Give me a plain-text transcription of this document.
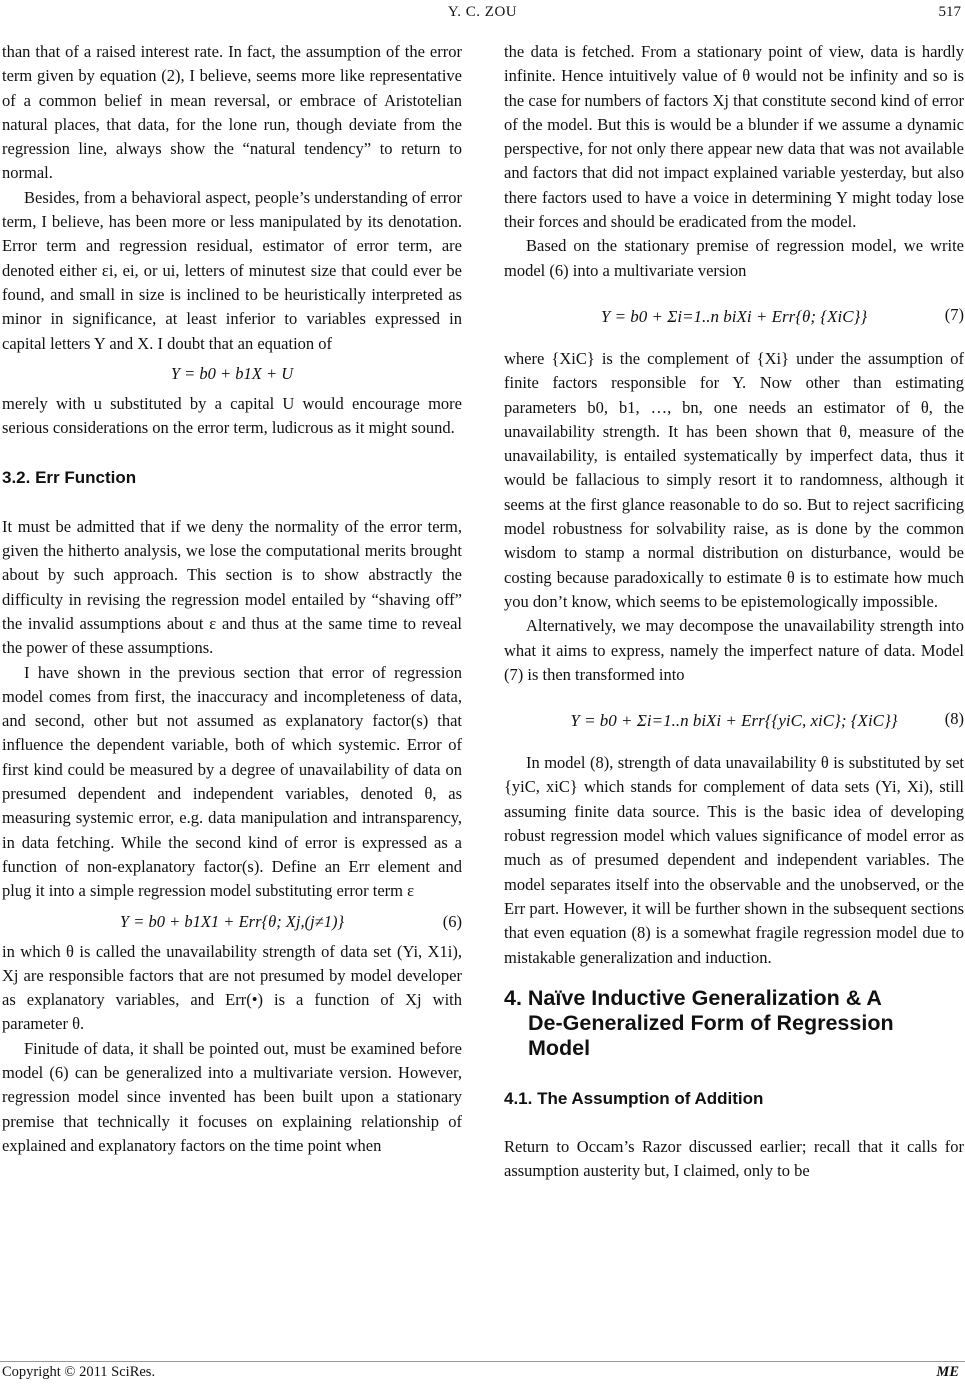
Y. C. ZOU	517

than that of a raised interest rate. In fact, the assumption of the error term given by equation (2), I believe, seems more like representative of a common belief in mean reversal, or embrace of Aristotelian natural places, that data, for the lone run, though deviate from the regression line, always show the “natural tendency” to return to normal.

Besides, from a behavioral aspect, people’s understanding of error term, I believe, has been more or less manipulated by its denotation. Error term and regression residual, estimator of error term, are denoted either εi, ei, or ui, letters of minutest size that could ever be found, and small in size is inclined to be heuristically interpreted as minor in significance, at least inferior to variables expressed in capital letters Y and X. I doubt that an equation of

Y = b0 + b1X + U

merely with u substituted by a capital U would encourage more serious considerations on the error term, ludicrous as it might sound.

3.2. Err Function

It must be admitted that if we deny the normality of the error term, given the hitherto analysis, we lose the computational merits brought about by such approach. This section is to show abstractly the difficulty in revising the regression model entailed by “shaving off” the invalid assumptions about ε and thus at the same time to reveal the power of these assumptions.

I have shown in the previous section that error of regression model comes from first, the inaccuracy and incompleteness of data, and second, other but not assumed as explanatory factor(s) that influence the dependent variable, both of which systemic. Error of first kind could be measured by a degree of unavailability of data on presumed dependent and independent variables, denoted θ, as measuring systemic error, e.g. data manipulation and intransparency, in data fetching. While the second kind of error is expressed as a function of non-explanatory factor(s). Define an Err element and plug it into a simple regression model substituting error term ε

Y = b0 + b1X1 + Err{θ; Xj,(j≠1)}	(6)

in which θ is called the unavailability strength of data set (Yi, X1i), Xj are responsible factors that are not presumed by model developer as explanatory variables, and Err(•) is a function of Xj with parameter θ.

Finitude of data, it shall be pointed out, must be examined before model (6) can be generalized into a multivariate version. However, regression model since invented has been built upon a stationary premise that technically it focuses on explaining relationship of explained and explanatory factors on the time point when

the data is fetched. From a stationary point of view, data is hardly infinite. Hence intuitively value of θ would not be infinity and so is the case for numbers of factors Xj that constitute second kind of error of the model. But this is would be a blunder if we assume a dynamic perspective, for not only there appear new data that was not available and factors that did not impact explained variable yesterday, but also there factors used to have a voice in determining Y might today lose their forces and should be eradicated from the model.

Based on the stationary premise of regression model, we write model (6) into a multivariate version

Y = b0 + Σi=1..n biXi + Err{θ; {XiC}}	(7)

where {XiC} is the complement of {Xi} under the assumption of finite factors responsible for Y. Now other than estimating parameters b0, b1, …, bn, one needs an estimator of θ, the unavailability strength. It has been shown that θ, measure of the unavailability, is entailed systematically by imperfect data, thus it would be fallacious to simply resort it to randomness, although it seems at the first glance reasonable to do so. But to reject sacrificing model robustness for solvability raise, as is done by the common wisdom to stamp a normal distribution on disturbance, would be costing because paradoxically to estimate θ is to estimate how much you don’t know, which seems to be epistemologically impossible.

Alternatively, we may decompose the unavailability strength into what it aims to express, namely the imperfect nature of data. Model (7) is then transformed into

Y = b0 + Σi=1..n biXi + Err{{yiC, xiC}; {XiC}}	(8)

In model (8), strength of data unavailability θ is substituted by set {yiC, xiC} which stands for complement of data sets (Yi, Xi), still assuming finite data source. This is the basic idea of developing robust regression model which values significance of model error as much as of presumed dependent and independent variables. The model separates itself into the observable and the unobserved, or the Err part. However, it will be further shown in the subsequent sections that even equation (8) is a somewhat fragile regression model due to mistakable generalization and induction.

4. Naïve Inductive Generalization & A
De-Generalized Form of Regression
Model
4.1. The Assumption of Addition

Return to Occam’s Razor discussed earlier; recall that it calls for assumption austerity but, I claimed, only to be

Copyright © 2011 SciRes.	ME
